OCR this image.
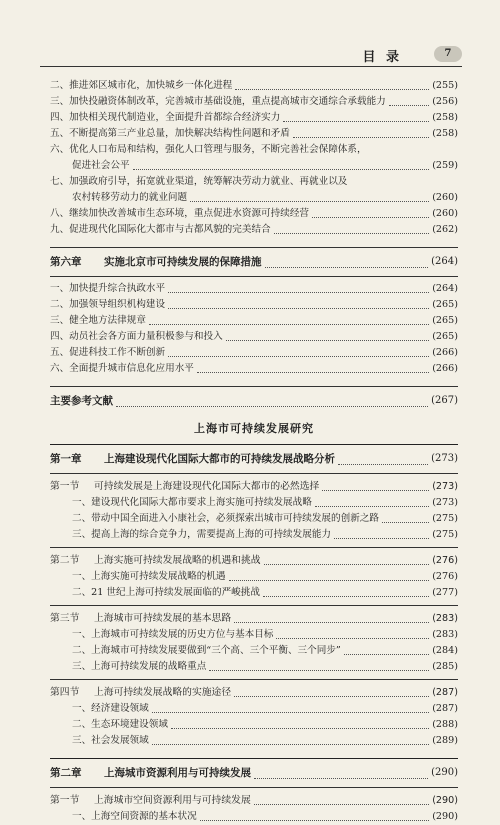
目 录	7
二、推进郊区城市化，加快城乡一体化进程	(255)
三、加快投融资体制改革，完善城市基础设施，重点提高城市交通综合承载能力	(256)
四、加快相关现代制造业，全面提升首都综合经济实力	(258)
五、不断提高第三产业总量，加快解决结构性问题和矛盾	(258)
六、优化人口布局和结构，强化人口管理与服务，不断完善社会保障体系，
促进社会公平	(259)
七、加强政府引导，拓宽就业渠道，统筹解决劳动力就业、再就业以及
农村转移劳动力的就业问题	(260)
八、继续加快改善城市生态环境，重点促进水资源可持续经营	(260)
九、促进现代化国际化大都市与古都风貌的完美结合	(262)
第六章 实施北京市可持续发展的保障措施	(264)
一、加快提升综合执政水平	(264)
二、加强领导组织机构建设	(265)
三、健全地方法律规章	(265)
四、动员社会各方面力量积极参与和投入	(265)
五、促进科技工作不断创新	(266)
六、全面提升城市信息化应用水平	(266)
主要参考文献	(267)
上海市可持续发展研究
第一章 上海建设现代化国际大都市的可持续发展战略分析	(273)
第一节 可持续发展是上海建设现代化国际大都市的必然选择	(273)
一、建设现代化国际大都市要求上海实施可持续发展战略	(273)
二、带动中国全面进入小康社会，必须探索出城市可持续发展的创新之路	(275)
三、提高上海的综合竞争力，需要提高上海的可持续发展能力	(275)
第二节 上海实施可持续发展战略的机遇和挑战	(276)
一、上海实施可持续发展战略的机遇	(276)
二、21 世纪上海可持续发展面临的严峻挑战	(277)
第三节 上海城市可持续发展的基本思路	(283)
一、上海城市可持续发展的历史方位与基本目标	(283)
二、上海城市可持续发展要做到“三个高、三个平衡、三个同步”	(284)
三、上海可持续发展的战略重点	(285)
第四节 上海可持续发展战略的实施途径	(287)
一、经济建设领域	(287)
二、生态环境建设领域	(288)
三、社会发展领域	(289)
第二章 上海城市资源利用与可持续发展	(290)
第一节 上海城市空间资源利用与可持续发展	(290)
一、上海空间资源的基本状况	(290)
